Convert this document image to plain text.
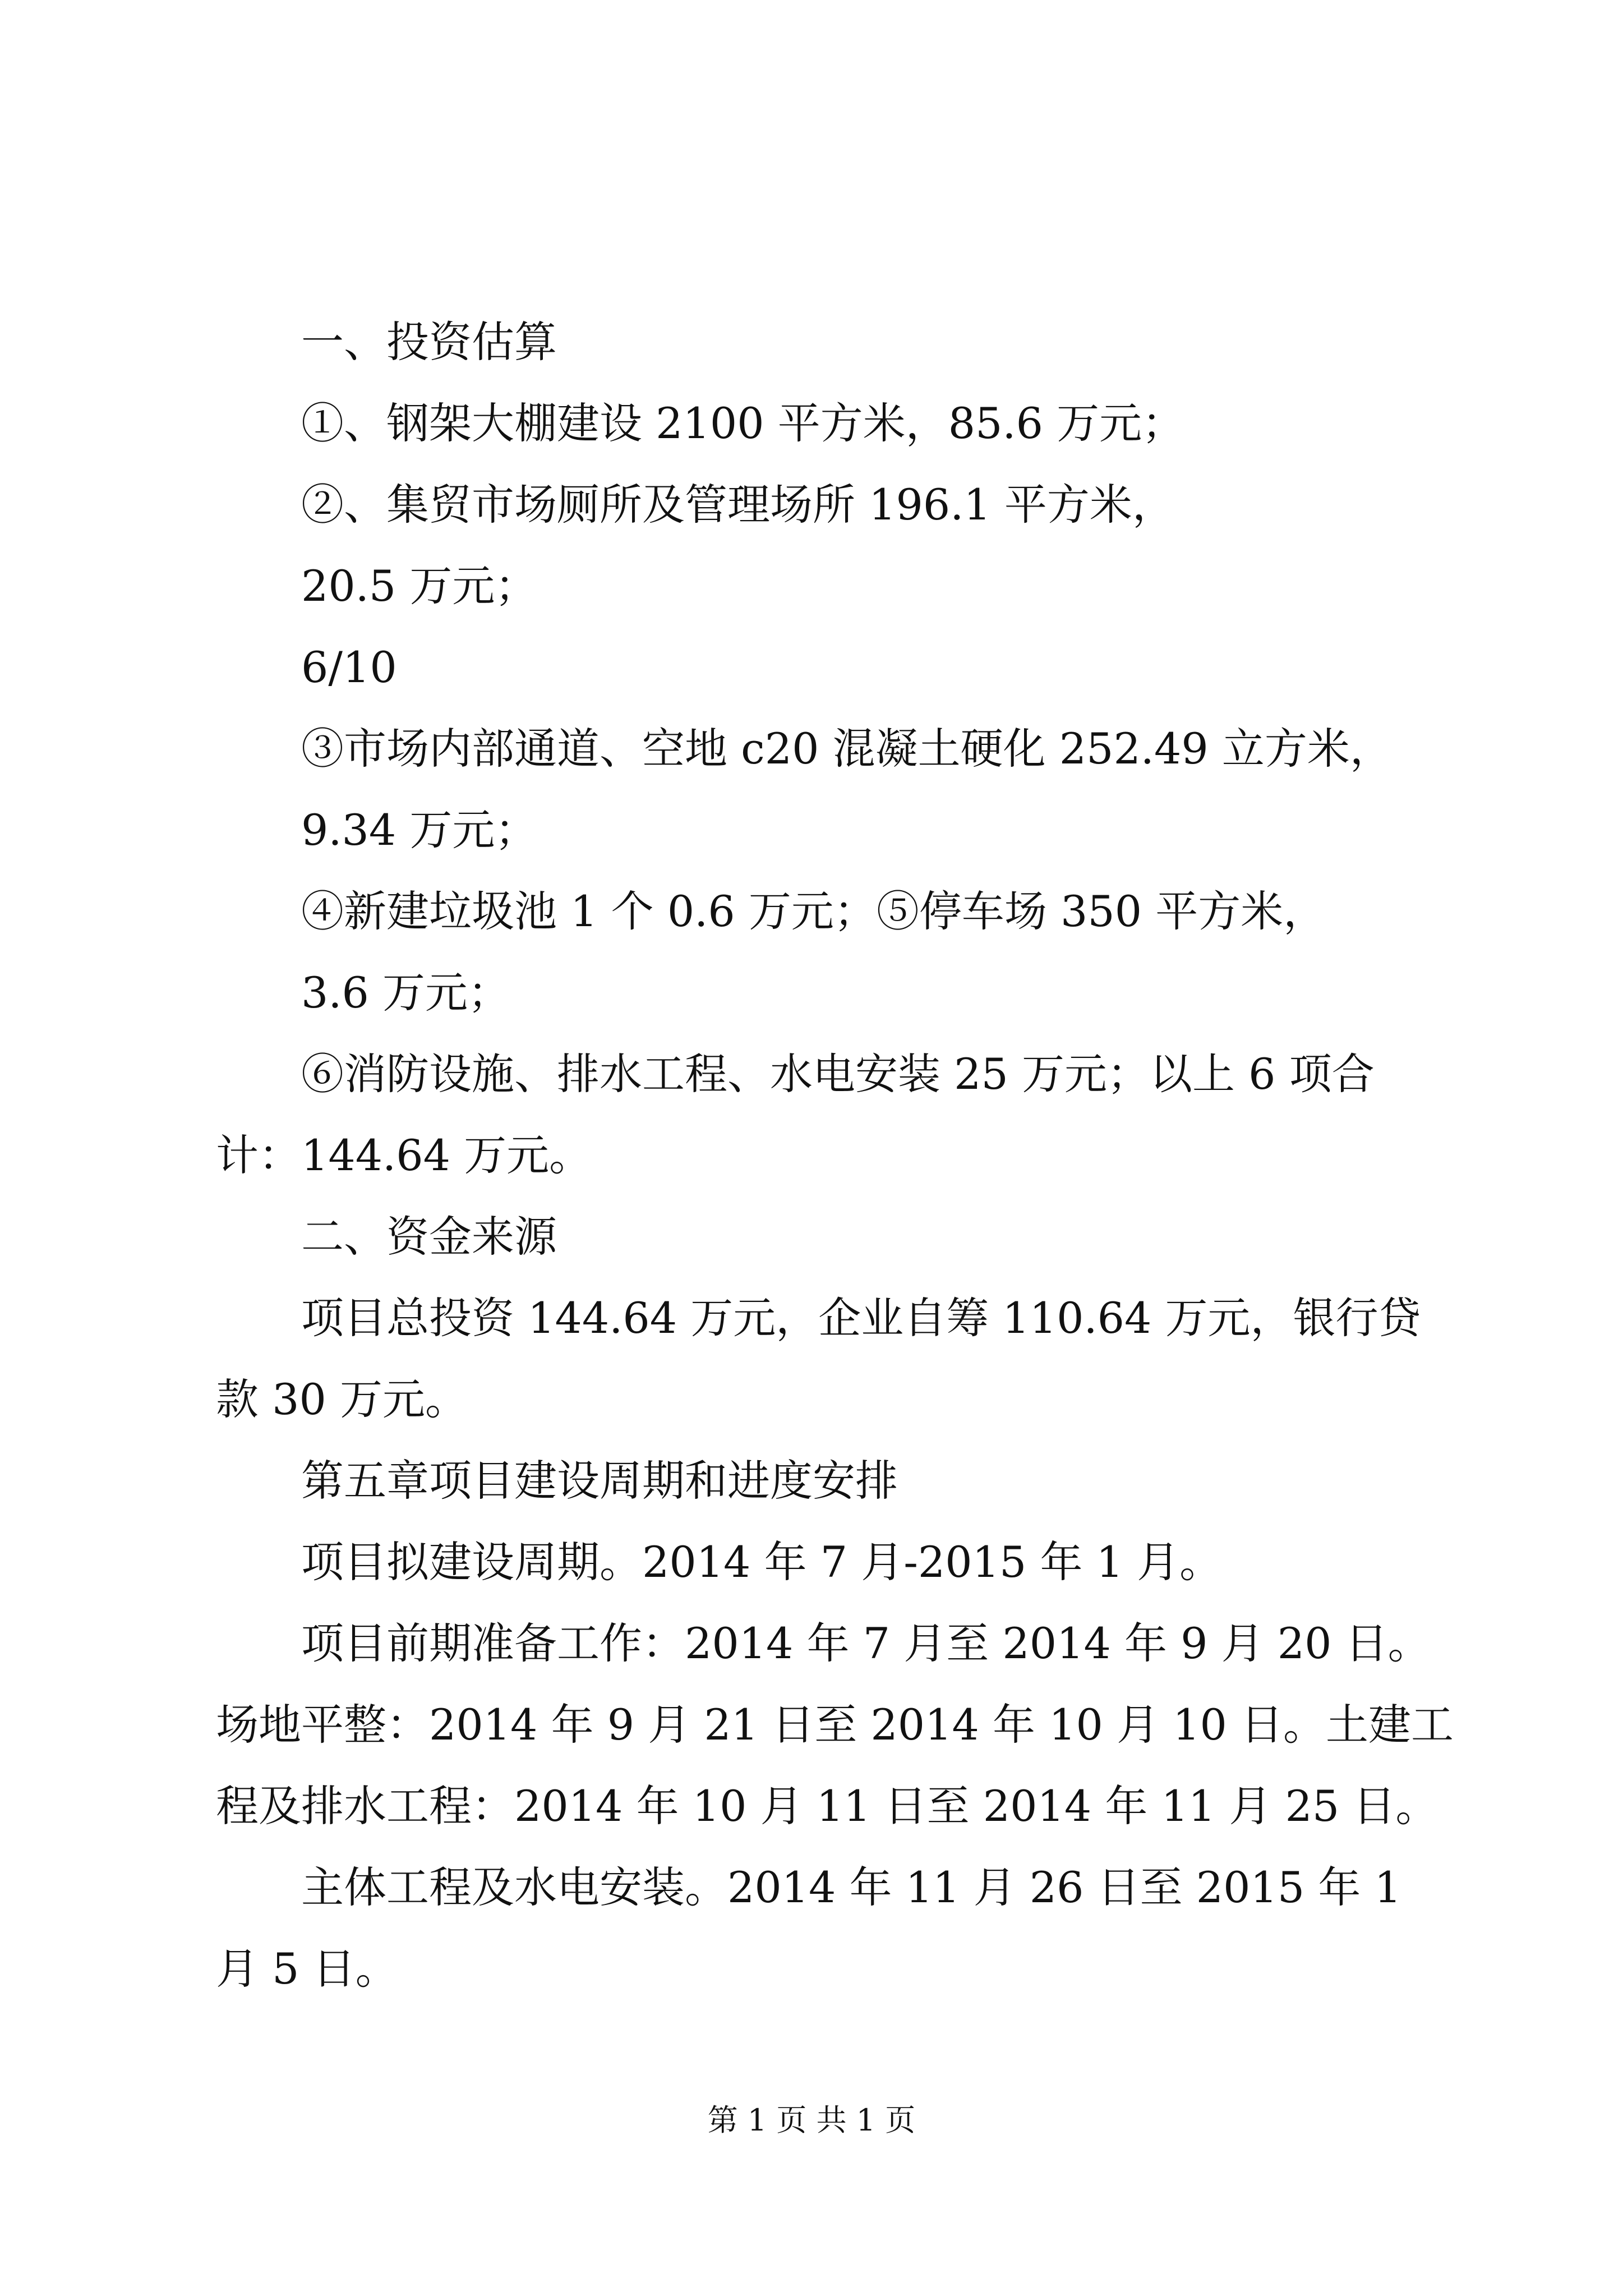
一、投资估算

①、钢架大棚建设 2100 平方米，85.6 万元；

②、集贸市场厕所及管理场所 196.1 平方米，

20.5 万元；

6/10

③市场内部通道、空地 c20 混凝土硬化 252.49 立方米，

9.34 万元；

④新建垃圾池 1 个 0.6 万元；⑤停车场 350 平方米，

3.6 万元；

⑥消防设施、排水工程、水电安装 25 万元；以上 6 项合计：144.64 万元。

二、资金来源

项目总投资 144.64 万元，企业自筹 110.64 万元，银行贷款 30 万元。

第五章项目建设周期和进度安排

项目拟建设周期。2014 年 7 月-2015 年 1 月。

项目前期准备工作：2014 年 7 月至 2014 年 9 月 20 日。场地平整：2014 年 9 月 21 日至 2014 年 10 月 10 日。土建工程及排水工程：2014 年 10 月 11 日至 2014 年 11 月 25 日。

主体工程及水电安装。2014 年 11 月 26 日至 2015 年 1 月 5 日。

第 1 页 共 1 页
